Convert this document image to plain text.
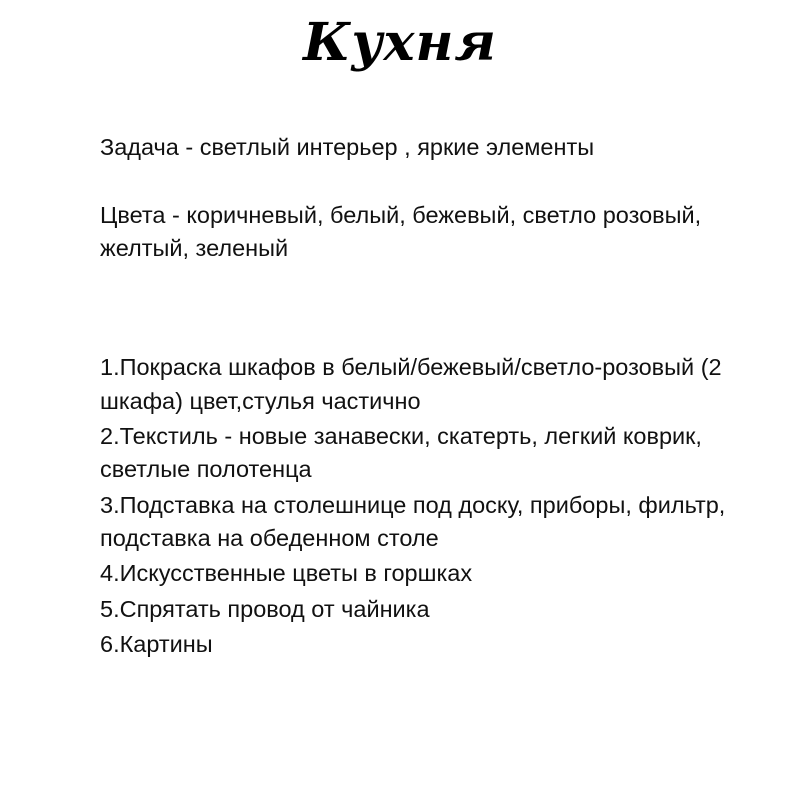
Кухня

Задача - светлый интерьер , яркие элементы

Цвета - коричневый, белый, бежевый, светло розовый, желтый, зеленый

1.Покраска шкафов в белый/бежевый/светло-розовый (2 шкафа) цвет,стулья частично

2.Текстиль - новые занавески, скатерть, легкий коврик, светлые полотенца

3.Подставка на столешнице под доску, приборы, фильтр, подставка на обеденном столе

4.Искусственные цветы в горшках

5.Спрятать провод от чайника

6.Картины
